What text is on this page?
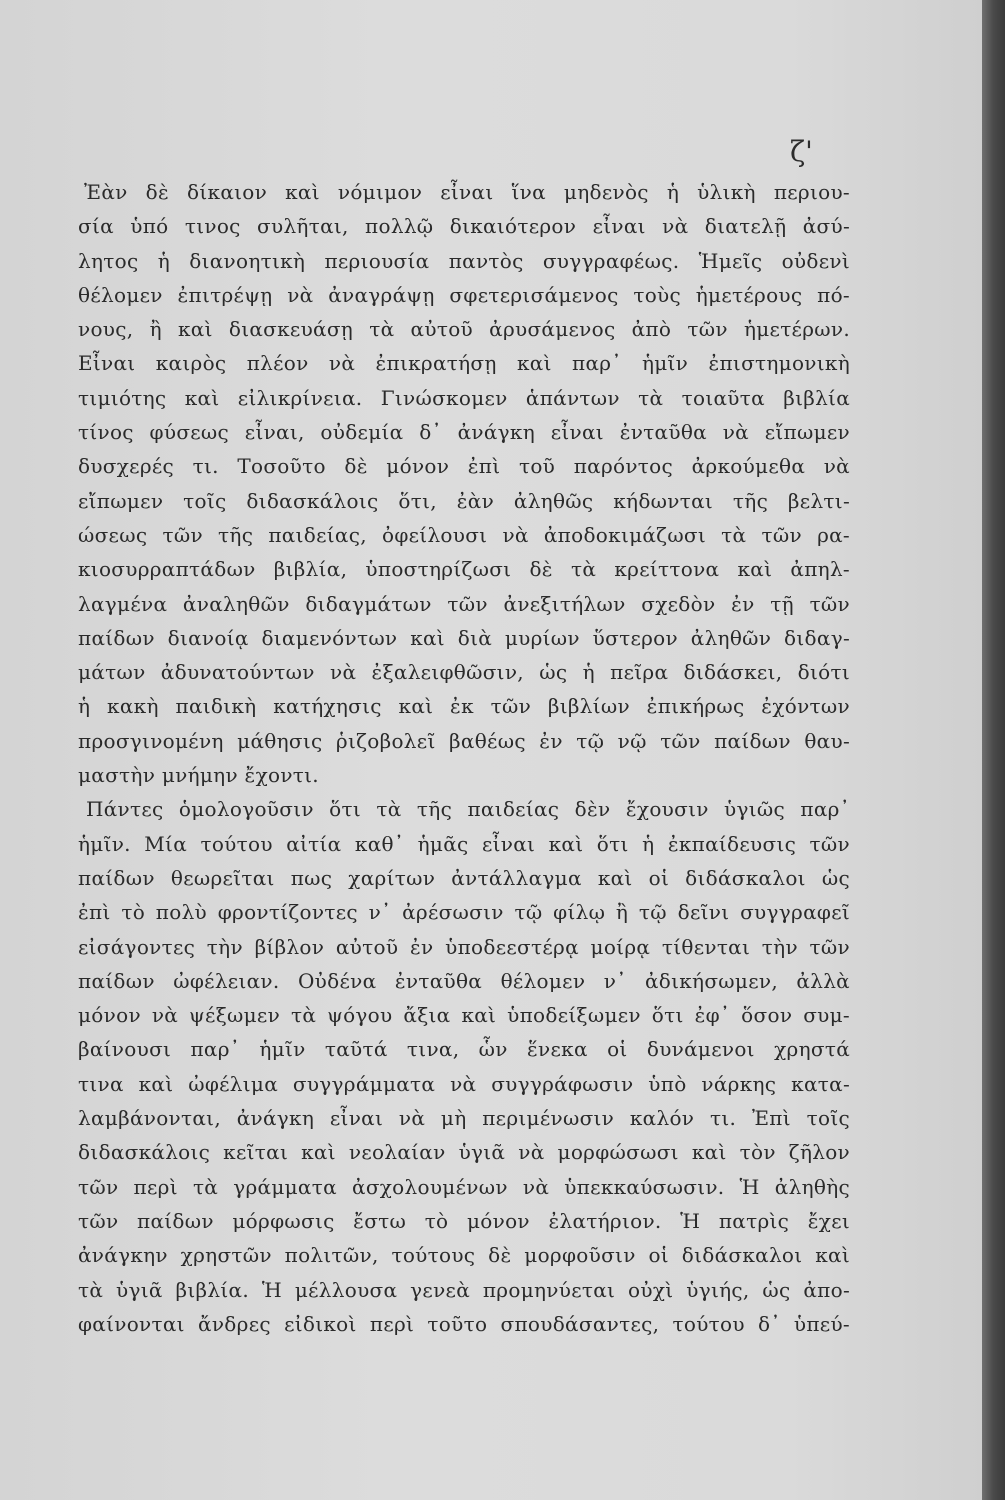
ζ'

Ἐὰν δὲ δίκαιον καὶ νόμιμον εἶναι ἵνα μηδενὸς ἡ ὑλικὴ περιου-
σία ὑπό τινος συλῆται, πολλῷ δικαιότερον εἶναι νὰ διατελῇ ἀσύ-
λητος ἡ διανοητικὴ περιουσία παντὸς συγγραφέως. Ἡμεῖς οὐδενὶ
θέλομεν ἐπιτρέψῃ νὰ ἀναγράψῃ σφετερισάμενος τοὺς ἡμετέρους πό-
νους, ἢ καὶ διασκευάσῃ τὰ αὐτοῦ ἀρυσάμενος ἀπὸ τῶν ἡμετέρων.
Εἶναι καιρὸς πλέον νὰ ἐπικρατήσῃ καὶ παρ᾽ ἡμῖν ἐπιστημονικὴ
τιμιότης καὶ εἰλικρίνεια. Γινώσκομεν ἁπάντων τὰ τοιαῦτα βιβλία
τίνος φύσεως εἶναι, οὐδεμία δ᾽ ἀνάγκη εἶναι ἐνταῦθα νὰ εἴπωμεν
δυσχερές τι. Τοσοῦτο δὲ μόνον ἐπὶ τοῦ παρόντος ἀρκούμεθα νὰ
εἴπωμεν τοῖς διδασκάλοις ὅτι, ἐὰν ἀληθῶς κήδωνται τῆς βελτι-
ώσεως τῶν τῆς παιδείας, ὀφείλουσι νὰ ἀποδοκιμάζωσι τὰ τῶν ρα-
κιοσυρραπτάδων βιβλία, ὑποστηρίζωσι δὲ τὰ κρείττονα καὶ ἀπηλ-
λαγμένα ἀναληθῶν διδαγμάτων τῶν ἀνεξιτήλων σχεδὸν ἐν τῇ τῶν
παίδων διανοίᾳ διαμενόντων καὶ διὰ μυρίων ὕστερον ἀληθῶν διδαγ-
μάτων ἀδυνατούντων νὰ ἐξαλειφθῶσιν, ὡς ἡ πεῖρα διδάσκει, διότι
ἡ κακὴ παιδικὴ κατήχησις καὶ ἐκ τῶν βιβλίων ἐπικήρως ἐχόντων
προσγινομένη μάθησις ῥιζοβολεῖ βαθέως ἐν τῷ νῷ τῶν παίδων θαυ-
μαστὴν μνήμην ἔχοντι.

Πάντες ὁμολογοῦσιν ὅτι τὰ τῆς παιδείας δὲν ἔχουσιν ὑγιῶς παρ᾽
ἡμῖν. Μία τούτου αἰτία καθ᾽ ἡμᾶς εἶναι καὶ ὅτι ἡ ἐκπαίδευσις τῶν
παίδων θεωρεῖται πως χαρίτων ἀντάλλαγμα καὶ οἱ διδάσκαλοι ὡς
ἐπὶ τὸ πολὺ φροντίζοντες ν᾽ ἀρέσωσιν τῷ φίλῳ ἢ τῷ δεῖνι συγγραφεῖ
εἰσάγοντες τὴν βίβλον αὐτοῦ ἐν ὑποδεεστέρᾳ μοίρᾳ τίθενται τὴν τῶν
παίδων ὠφέλειαν. Οὐδένα ἐνταῦθα θέλομεν ν᾽ ἀδικήσωμεν, ἀλλὰ
μόνον νὰ ψέξωμεν τὰ ψόγου ἄξια καὶ ὑποδείξωμεν ὅτι ἐφ᾽ ὅσον συμ-
βαίνουσι παρ᾽ ἡμῖν ταῦτά τινα, ὧν ἕνεκα οἱ δυνάμενοι χρηστά
τινα καὶ ὠφέλιμα συγγράμματα νὰ συγγράφωσιν ὑπὸ νάρκης κατα-
λαμβάνονται, ἀνάγκη εἶναι νὰ μὴ περιμένωσιν καλόν τι. Ἐπὶ τοῖς
διδασκάλοις κεῖται καὶ νεολαίαν ὑγιᾶ νὰ μορφώσωσι καὶ τὸν ζῆλον
τῶν περὶ τὰ γράμματα ἀσχολουμένων νὰ ὑπεκκαύσωσιν. Ἡ ἀληθὴς
τῶν παίδων μόρφωσις ἔστω τὸ μόνον ἐλατήριον. Ἡ πατρὶς ἔχει
ἀνάγκην χρηστῶν πολιτῶν, τούτους δὲ μορφοῦσιν οἱ διδάσκαλοι καὶ
τὰ ὑγιᾶ βιβλία. Ἡ μέλλουσα γενεὰ προμηνύεται οὐχὶ ὑγιής, ὡς ἀπο-
φαίνονται ἄνδρες εἰδικοὶ περὶ τοῦτο σπουδάσαντες, τούτου δ᾽ ὑπεύ-
